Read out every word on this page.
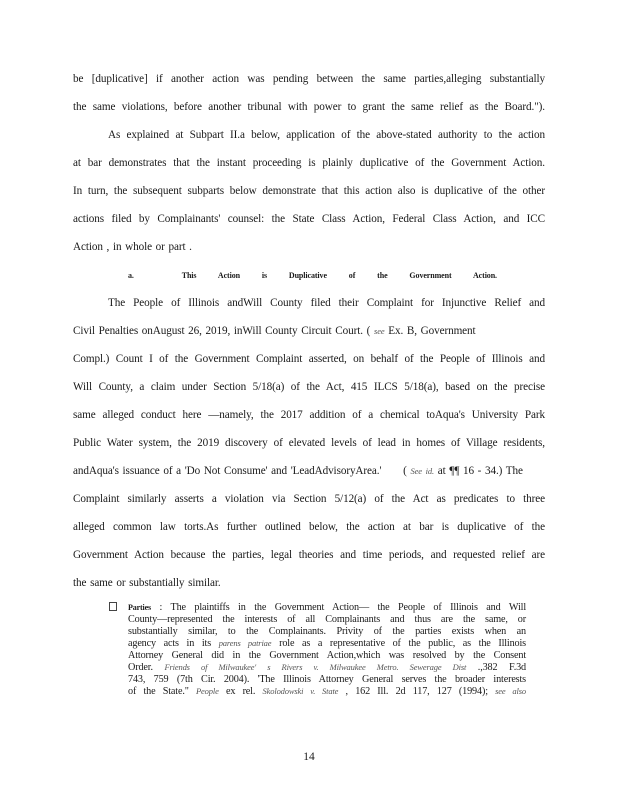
be [duplicative] if another action was pending between the same parties,alleging substantially
the same violations, before another tribunal with power to grant the same relief as the Board.").
As explained at Subpart II.a below, application of the above-stated authority to the action
at bar demonstrates that the instant proceeding is plainly duplicative of the Government Action.
In turn, the subsequent subparts below demonstrate that this action also is duplicative of the other
actions filed by Complainants' counsel: the State Class Action, Federal Class Action, and ICC
Action , in whole or part .
a.	This Action is Duplicative of the Government Action.
The People of Illinois andWill County filed their Complaint for Injunctive Relief and
Civil Penalties onAugust 26, 2019, inWill County Circuit Court. ( see Ex. B, Government
Compl.) Count I of the Government Complaint asserted, on behalf of the People of Illinois and
Will County, a claim under Section 5/18(a) of the Act, 415 ILCS 5/18(a), based on the precise
same alleged conduct here —namely, the 2017 addition of a chemical toAqua's University Park
Public Water system, the 2019 discovery of elevated levels of lead in homes of Village residents,
andAqua's issuance of a 'Do Not Consume' and 'LeadAdvisoryArea.' ( See id. at ¶¶ 16 - 34.) The
Complaint similarly asserts a violation via Section 5/12(a) of the Act as predicates to three
alleged common law torts.As further outlined below, the action at bar is duplicative of the
Government Action because the parties, legal theories and time periods, and requested relief are
the same or substantially similar.
Parties : The plaintiffs in the Government Action— the People of Illinois and Will
County—represented the interests of all Complainants and thus are the same, or
substantially similar, to the Complainants. Privity of the parties exists when an
agency acts in its parens patriae role as a representative of the public, as the Illinois
Attorney General did in the Government Action,which was resolved by the Consent
Order. Friends of Milwaukee' s Rivers v. Milwaukee Metro. Sewerage Dist .,382 F.3d
743, 759 (7th Cir. 2004). 'The Illinois Attorney General serves the broader interests
of the State." People ex rel. Skolodowski v. State , 162 Ill. 2d 117, 127 (1994); see also
14
